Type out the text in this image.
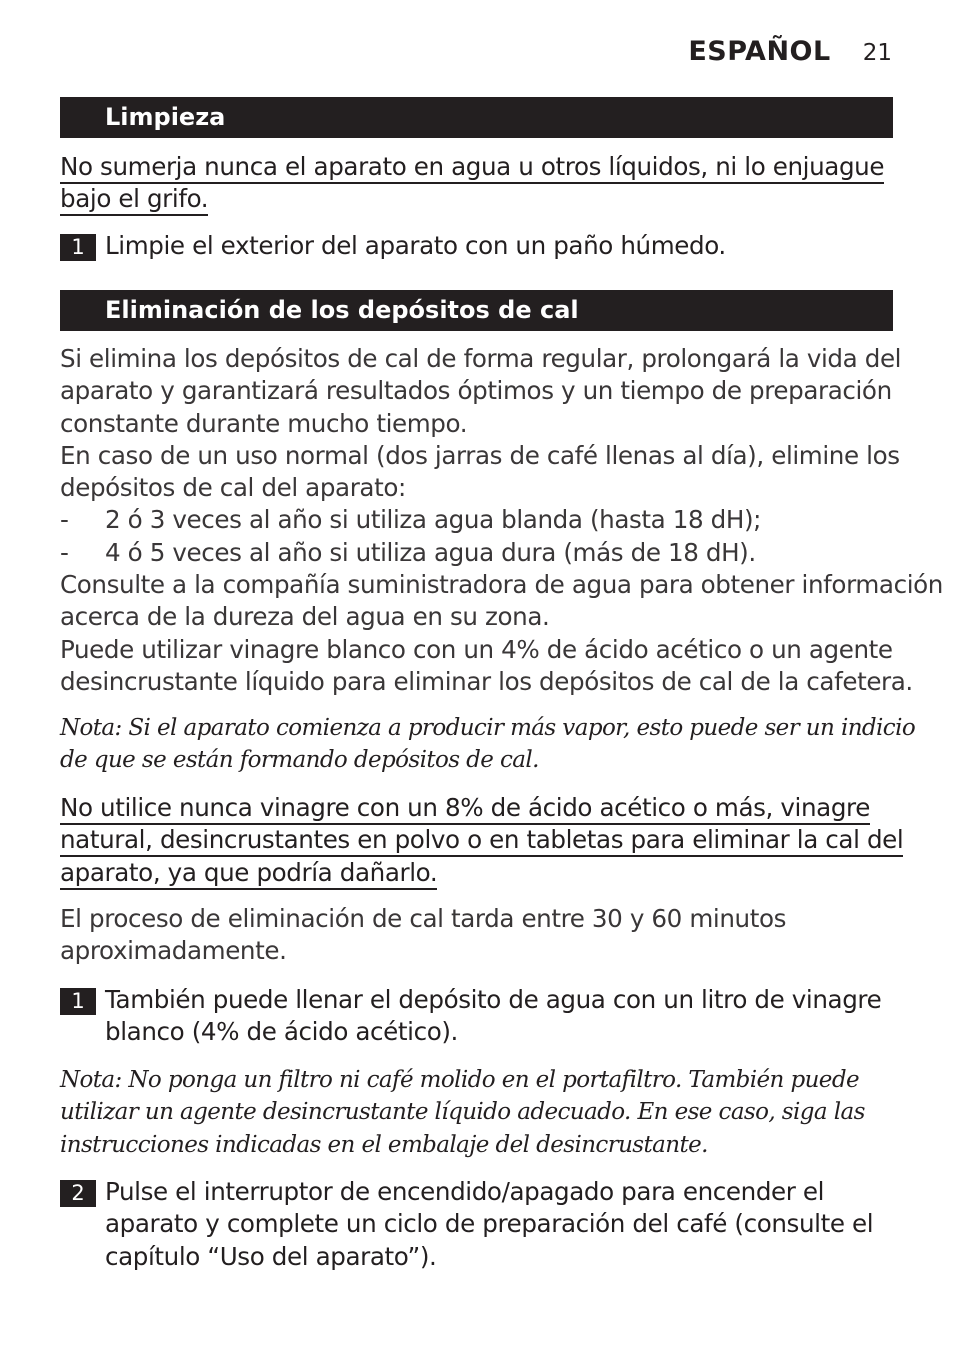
ESPAÑOL 21
Limpieza
No sumerja nunca el aparato en agua u otros líquidos, ni lo enjuague
bajo el grifo.
1 Limpie el exterior del aparato con un paño húmedo.
Eliminación de los depósitos de cal
Si elimina los depósitos de cal de forma regular, prolongará la vida del
aparato y garantizará resultados óptimos y un tiempo de preparación
constante durante mucho tiempo.
En caso de un uso normal (dos jarras de café llenas al día), elimine los
depósitos de cal del aparato:
- 2 ó 3 veces al año si utiliza agua blanda (hasta 18 dH);
- 4 ó 5 veces al año si utiliza agua dura (más de 18 dH).
Consulte a la compañía suministradora de agua para obtener información
acerca de la dureza del agua en su zona.
Puede utilizar vinagre blanco con un 4% de ácido acético o un agente
desincrustante líquido para eliminar los depósitos de cal de la cafetera.
Nota: Si el aparato comienza a producir más vapor, esto puede ser un indicio
de que se están formando depósitos de cal.
No utilice nunca vinagre con un 8% de ácido acético o más, vinagre
natural, desincrustantes en polvo o en tabletas para eliminar la cal del
aparato, ya que podría dañarlo.
El proceso de eliminación de cal tarda entre 30 y 60 minutos
aproximadamente.
1 También puede llenar el depósito de agua con un litro de vinagre
blanco (4% de ácido acético).
Nota: No ponga un filtro ni café molido en el portafiltro. También puede
utilizar un agente desincrustante líquido adecuado. En ese caso, siga las
instrucciones indicadas en el embalaje del desincrustante.
2 Pulse el interruptor de encendido/apagado para encender el
aparato y complete un ciclo de preparación del café (consulte el
capítulo “Uso del aparato”).
